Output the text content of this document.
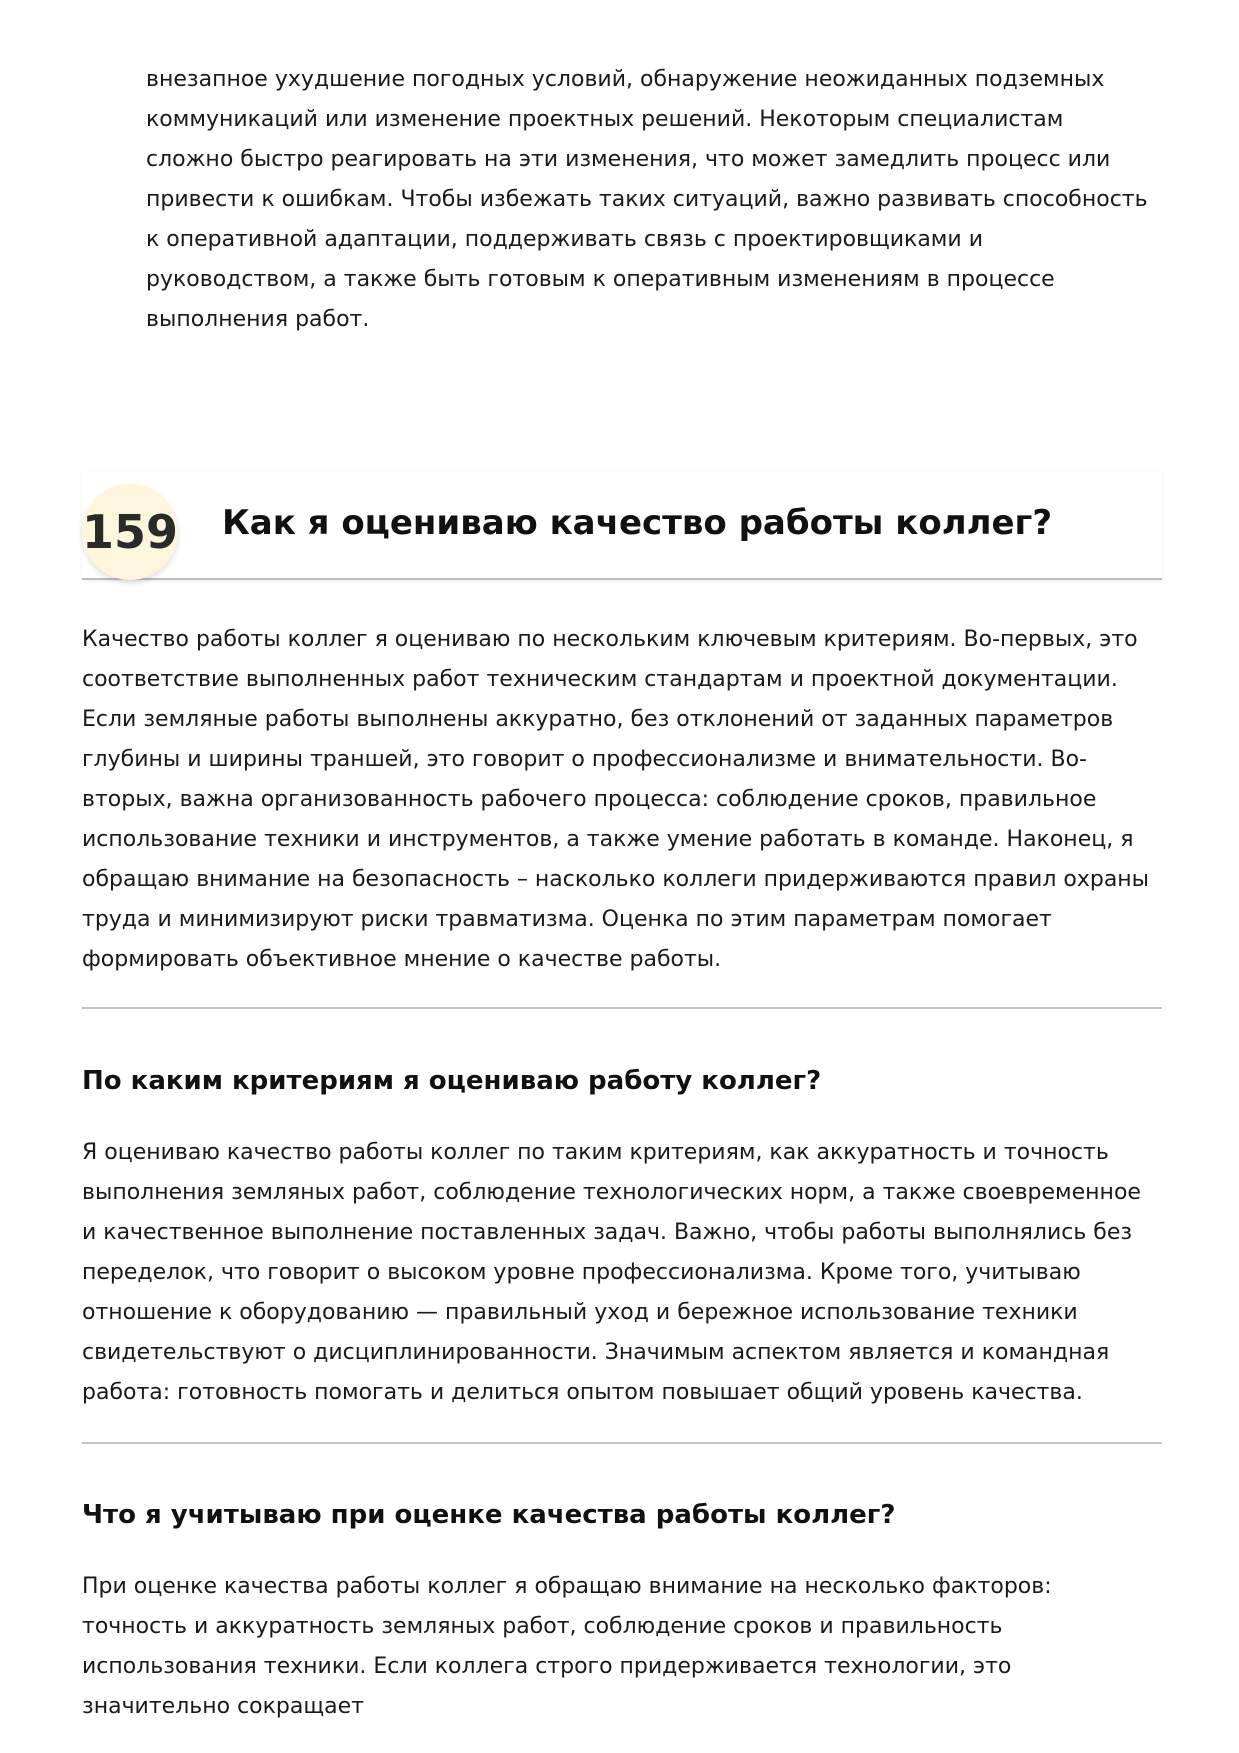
внезапное ухудшение погодных условий, обнаружение неожиданных подземных коммуникаций или изменение проектных решений. Некоторым специалистам сложно быстро реагировать на эти изменения, что может замедлить процесс или привести к ошибкам. Чтобы избежать таких ситуаций, важно развивать способность к оперативной адаптации, поддерживать связь с проектировщиками и руководством, а также быть готовым к оперативным изменениям в процессе выполнения работ.

159 Как я оцениваю качество работы коллег?

Качество работы коллег я оцениваю по нескольким ключевым критериям. Во-первых, это соответствие выполненных работ техническим стандартам и проектной документации. Если земляные работы выполнены аккуратно, без отклонений от заданных параметров глубины и ширины траншей, это говорит о профессионализме и внимательности. Во-вторых, важна организованность рабочего процесса: соблюдение сроков, правильное использование техники и инструментов, а также умение работать в команде. Наконец, я обращаю внимание на безопасность – насколько коллеги придерживаются правил охраны труда и минимизируют риски травматизма. Оценка по этим параметрам помогает формировать объективное мнение о качестве работы.

По каким критериям я оцениваю работу коллег?

Я оцениваю качество работы коллег по таким критериям, как аккуратность и точность выполнения земляных работ, соблюдение технологических норм, а также своевременное и качественное выполнение поставленных задач. Важно, чтобы работы выполнялись без переделок, что говорит о высоком уровне профессионализма. Кроме того, учитываю отношение к оборудованию — правильный уход и бережное использование техники свидетельствуют о дисциплинированности. Значимым аспектом является и командная работа: готовность помогать и делиться опытом повышает общий уровень качества.

Что я учитываю при оценке качества работы коллег?

При оценке качества работы коллег я обращаю внимание на несколько факторов: точность и аккуратность земляных работ, соблюдение сроков и правильность использования техники. Если коллега строго придерживается технологии, это значительно сокращает
